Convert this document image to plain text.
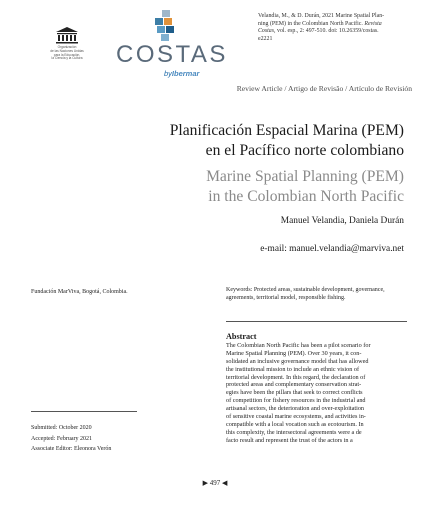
Organización
de las Naciones Unidas
para la Educación,
la Ciencia y la Cultura	COSTAS
byIbermar
Velandia, M., & D. Durán, 2021 Marine Spatial Plan-
ning (PEM) in the Colombian North Pacific. Revista
Costas, vol. esp., 2: 497-510. doi: 10.26359/costas.
e2221
Review Article / Artigo de Revisão / Artículo de Revisión
Planificación Espacial Marina (PEM)
en el Pacífico norte colombiano
Marine Spatial Planning (PEM)
in the Colombian North Pacific
Manuel Velandia, Daniela Durán
e-mail: manuel.velandia@marviva.net
Fundación MarViva, Bogotá, Colombia.	Keywords: Protected areas, sustainable development, governance, agreements, territorial model, responsible fishing.
Abstract
The Colombian North Pacific has been a pilot scenario for
Marine Spatial Planning (PEM). Over 30 years, it con-
solidated an inclusive governance model that has allowed
the institutional mission to include an ethnic vision of
territorial development. In this regard, the declaration of
protected areas and complementary conservation strat-
egies have been the pillars that seek to correct conflicts
of competition for fishery resources in the industrial and
artisanal sectors, the deterioration and over-exploitation
of sensitive coastal marine ecosystems, and activities in-
compatible with a local vocation such as ecotourism. In
this complexity, the intersectoral agreements were a de
facto result and represent the trust of the actors in a
Submitted: October 2020
Accepted: February 2021
Associate Editor: Eleonora Verón
▶ 497 ◀
